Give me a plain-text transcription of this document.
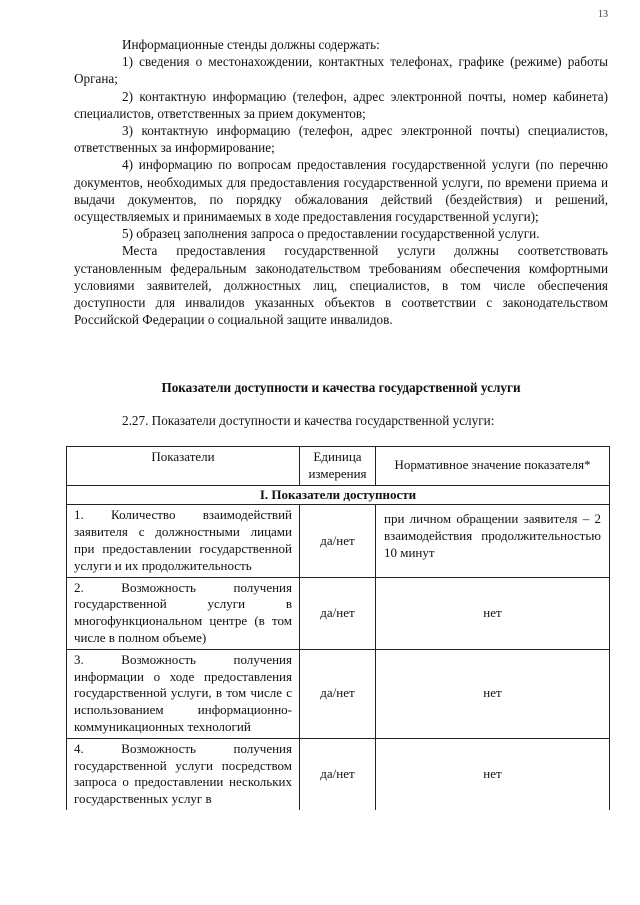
13

Информационные стенды должны содержать:

1) сведения о местонахождении, контактных телефонах, графике (режиме) работы Органа;

2) контактную информацию (телефон, адрес электронной почты, номер кабинета) специалистов, ответственных за прием документов;

3) контактную информацию (телефон, адрес электронной почты) специалистов, ответственных за информирование;

4) информацию по вопросам предоставления государственной услуги (по перечню документов, необходимых для предоставления государственной услуги, по времени приема и выдачи документов, по порядку обжалования действий (бездействия) и решений, осуществляемых и принимаемых в ходе предоставления государственной услуги);

5) образец заполнения запроса о предоставлении государственной услуги.

Места предоставления государственной услуги должны соответствовать установленным федеральным законодательством требованиям обеспечения комфортными условиями заявителей, должностных лиц, специалистов, в том числе обеспечения доступности для инвалидов указанных объектов в соответствии с законодательством Российской Федерации о социальной защите инвалидов.

Показатели доступности и качества государственной услуги
2.27. Показатели доступности и качества государственной услуги:
Показатели	Единица измерения	Нормативное значение показателя*
I. Показатели доступности		
1. Количество взаимодействий заявителя с должностными лицами при предоставлении государственной услуги и их продолжительность	да/нет	при личном обращении заявителя – 2 взаимодействия продолжительностью 10 минут
2. Возможность получения государственной услуги в многофункциональном центре (в том числе в полном объеме)	да/нет	нет
3. Возможность получения информации о ходе предоставления государственной услуги, в том числе с использованием информационно-коммуникационных технологий	да/нет	нет
4. Возможность получения государственной услуги посредством запроса о предоставлении нескольких государственных услуг в	да/нет	нет
